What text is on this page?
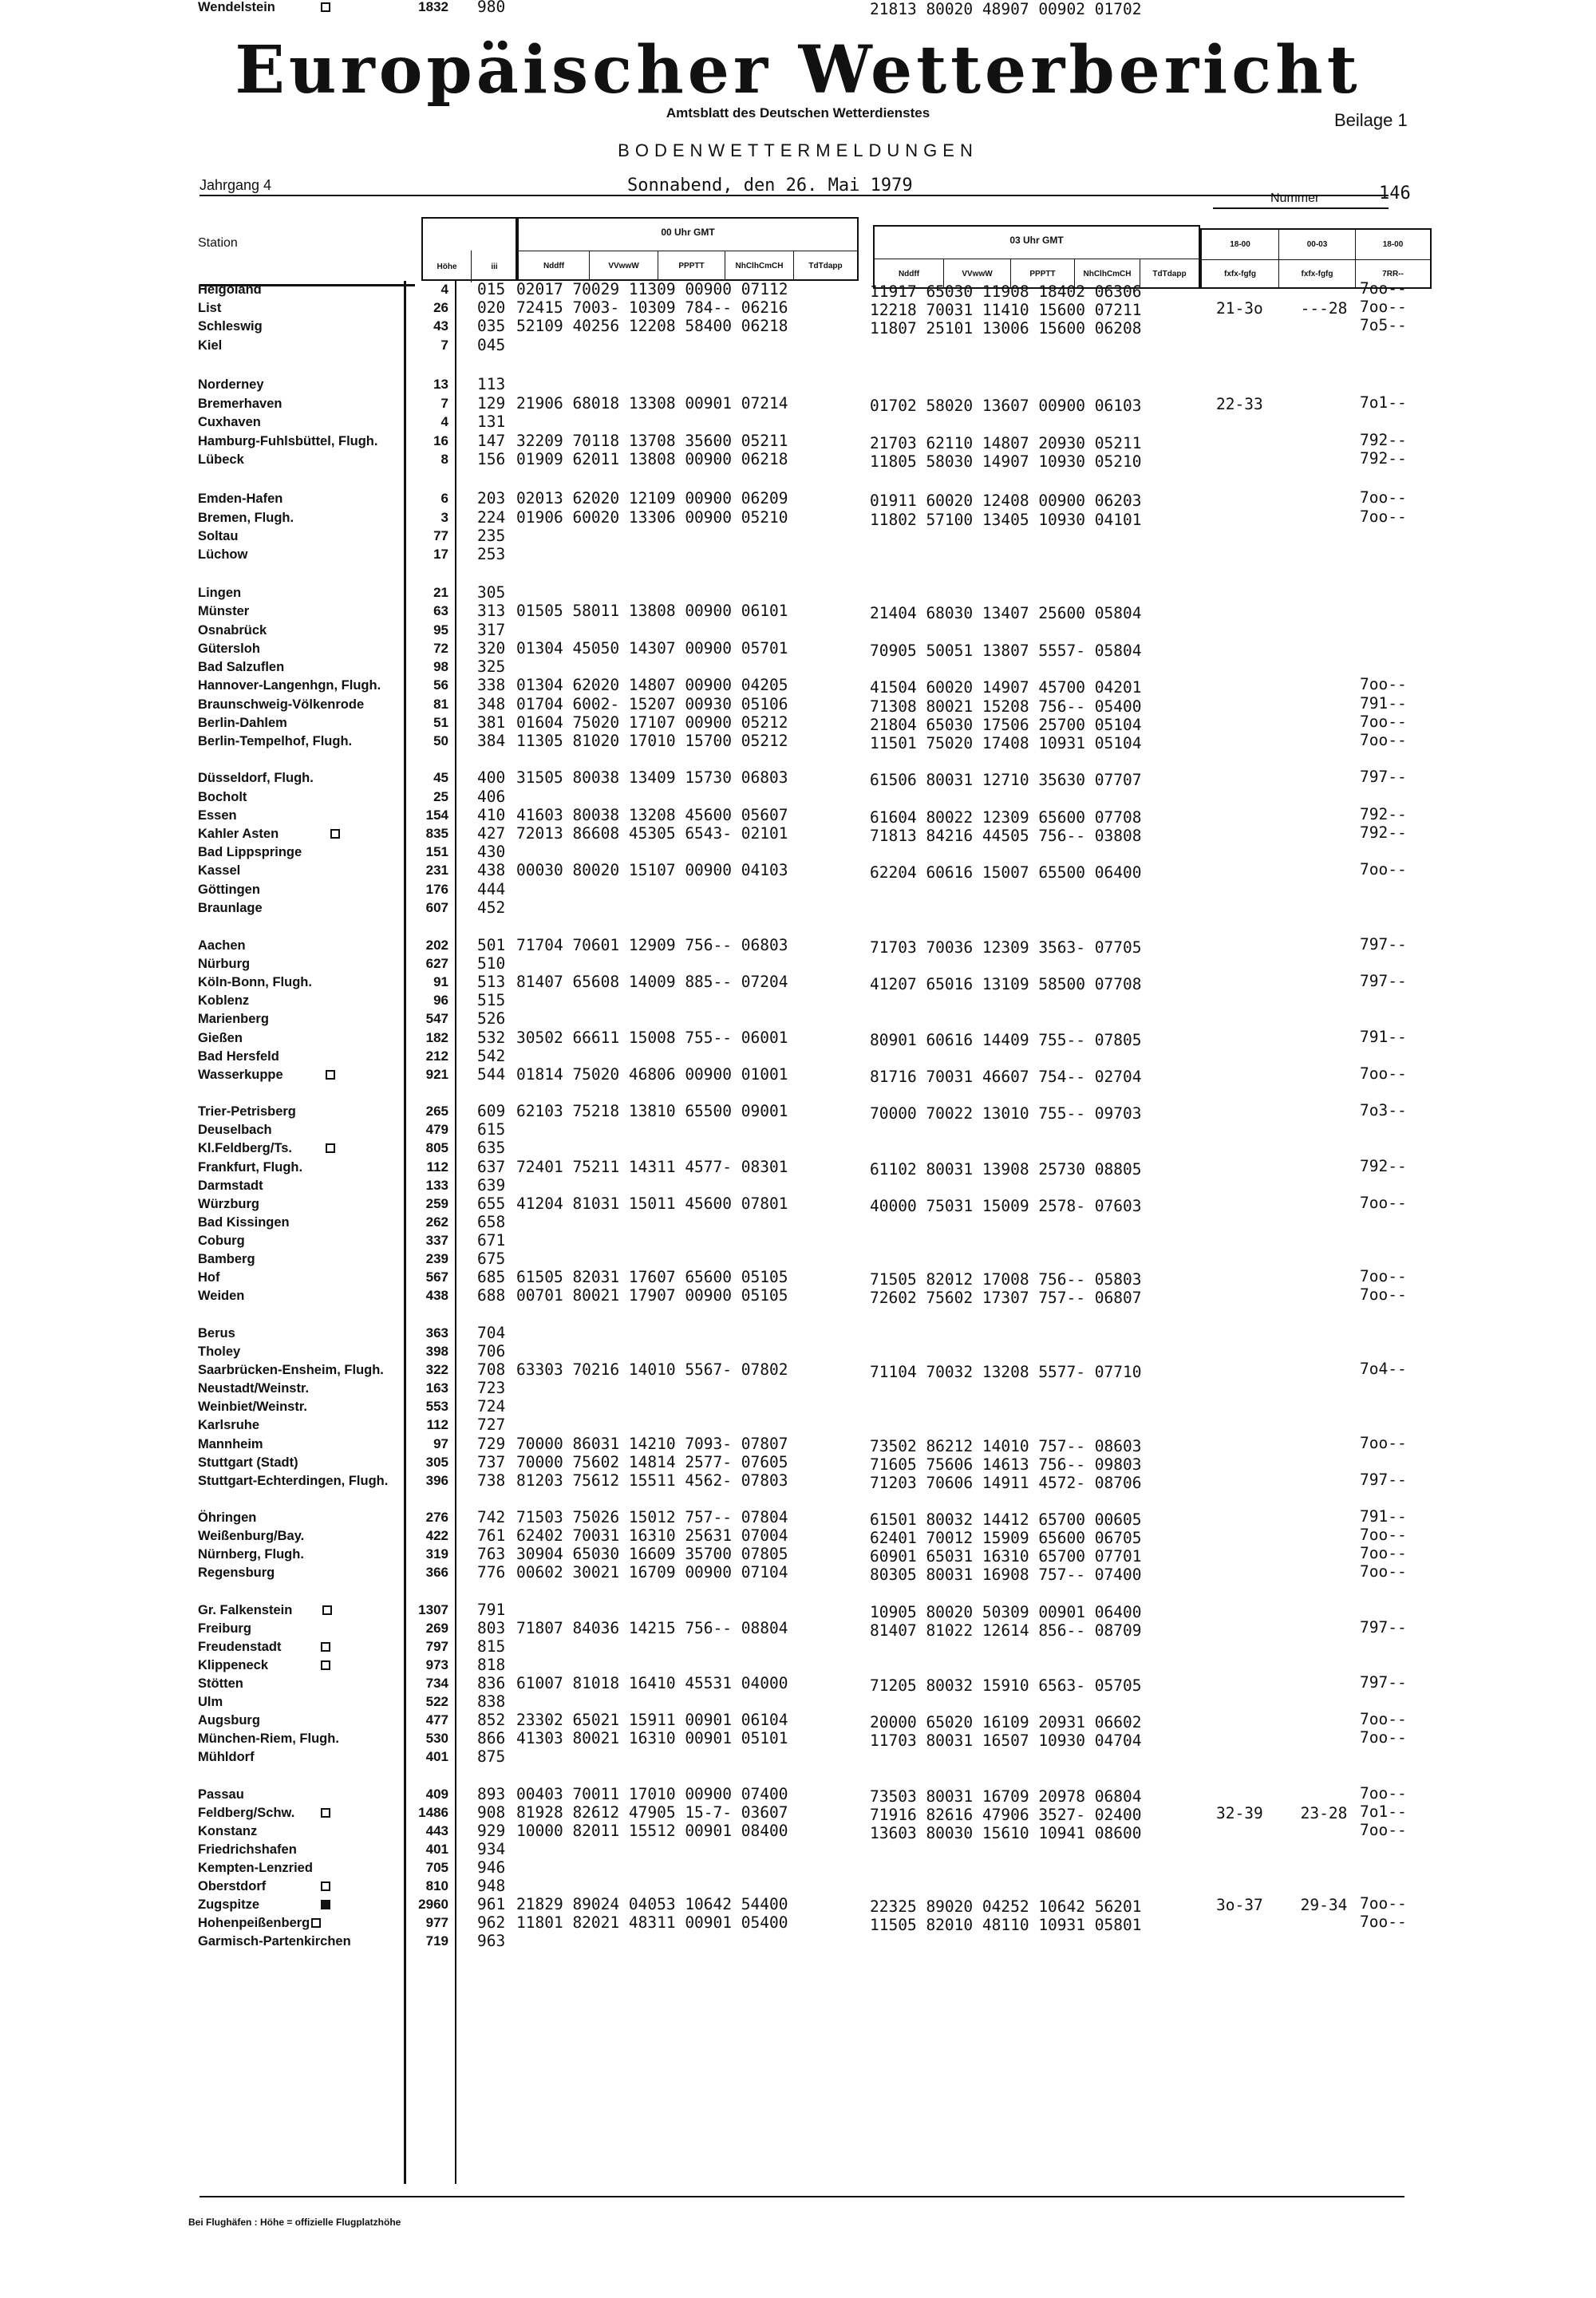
Europäischer Wetterbericht
Amtsblatt des Deutschen Wetterdienstes	Beilage 1
BODENWETTERMELDUNGEN
Jahrgang 4	Sonnabend, den 26. Mai 1979
Nummer	146
Station
Höhe	iii
00 Uhr GMT
Nddff	VVwwW	PPPTT	NhClhCmCH	TdTdapp
03 Uhr GMT
Nddff	VVwwW	PPPTT	NhClhCmCH	TdTdapp
18-00	00-03	18-00
fxfx-fgfg	fxfx-fgfg	7RR--
Helgoland	4 015 02017 70029 11309 00900 07112	11917 65030 11908 18402 06306	7oo--
List	26 020 72415 7003- 10309 784-- 06216	12218 70031 11410 15600 07211	21-3o    ---28 7oo--
Schleswig	43 035 52109 40256 12208 58400 06218	11807 25101 13006 15600 06208	7o5--
Kiel	7 045
Norderney	13 113
Bremerhaven	7 129 21906 68018 13308 00901 07214	01702 58020 13607 00900 06103	22-33	7o1--
Cuxhaven	4 131
Hamburg-Fuhlsbüttel, Flugh.	16 147 32209 70118 13708 35600 05211	21703 62110 14807 20930 05211	792--
Lübeck	8 156 01909 62011 13808 00900 06218	11805 58030 14907 10930 05210	792--
Emden-Hafen	6 203 02013 62020 12109 00900 06209	01911 60020 12408 00900 06203	7oo--
Bremen, Flugh.	3 224 01906 60020 13306 00900 05210	11802 57100 13405 10930 04101	7oo--
Soltau	77 235
Lüchow	17 253
Lingen	21 305
Münster	63 313 01505 58011 13808 00900 06101	21404 68030 13407 25600 05804
Osnabrück	95 317
Gütersloh	72 320 01304 45050 14307 00900 05701	70905 50051 13807 5557- 05804
Bad Salzuflen	98 325
Hannover-Langenhgn, Flugh.	56 338 01304 62020 14807 00900 04205	41504 60020 14907 45700 04201	7oo--
Braunschweig-Völkenrode	81 348 01704 6002- 15207 00930 05106	71308 80021 15208 756-- 05400	791--
Berlin-Dahlem	51 381 01604 75020 17107 00900 05212	21804 65030 17506 25700 05104	7oo--
Berlin-Tempelhof, Flugh.	50 384 11305 81020 17010 15700 05212	11501 75020 17408 10931 05104	7oo--
Düsseldorf, Flugh.	45 400 31505 80038 13409 15730 06803	61506 80031 12710 35630 07707	797--
Bocholt	25 406
Essen	154 410 41603 80038 13208 45600 05607	61604 80022 12309 65600 07708	792--
Kahler Asten	835 427 72013 86608 45305 6543- 02101	71813 84216 44505 756-- 03808	792--
Bad Lippspringe	151 430
Kassel	231 438 00030 80020 15107 00900 04103	62204 60616 15007 65500 06400	7oo--
Göttingen	176 444
Braunlage	607 452
Aachen	202 501 71704 70601 12909 756-- 06803	71703 70036 12309 3563- 07705	797--
Nürburg	627 510
Köln-Bonn, Flugh.	91 513 81407 65608 14009 885-- 07204	41207 65016 13109 58500 07708	797--
Koblenz	96 515
Marienberg	547 526
Gießen	182 532 30502 66611 15008 755-- 06001	80901 60616 14409 755-- 07805	791--
Bad Hersfeld	212 542
Wasserkuppe	921 544 01814 75020 46806 00900 01001	81716 70031 46607 754-- 02704	7oo--
Trier-Petrisberg	265 609 62103 75218 13810 65500 09001	70000 70022 13010 755-- 09703	7o3--
Deuselbach	479 615
Kl.Feldberg/Ts.	805 635
Frankfurt, Flugh.	112 637 72401 75211 14311 4577- 08301	61102 80031 13908 25730 08805	792--
Darmstadt	133 639
Würzburg	259 655 41204 81031 15011 45600 07801	40000 75031 15009 2578- 07603	7oo--
Bad Kissingen	262 658
Coburg	337 671
Bamberg	239 675
Hof	567 685 61505 82031 17607 65600 05105	71505 82012 17008 756-- 05803	7oo--
Weiden	438 688 00701 80021 17907 00900 05105	72602 75602 17307 757-- 06807	7oo--
Berus	363 704
Tholey	398 706
Saarbrücken-Ensheim, Flugh.	322 708 63303 70216 14010 5567- 07802	71104 70032 13208 5577- 07710	7o4--
Neustadt/Weinstr.	163 723
Weinbiet/Weinstr.	553 724
Karlsruhe	112 727
Mannheim	97 729 70000 86031 14210 7093- 07807	73502 86212 14010 757-- 08603	7oo--
Stuttgart (Stadt)	305 737 70000 75602 14814 2577- 07605	71605 75606 14613 756-- 09803
Stuttgart-Echterdingen, Flugh.	396 738 81203 75612 15511 4562- 07803	71203 70606 14911 4572- 08706	797--
Öhringen	276 742 71503 75026 15012 757-- 07804	61501 80032 14412 65700 00605	791--
Weißenburg/Bay.	422 761 62402 70031 16310 25631 07004	62401 70012 15909 65600 06705	7oo--
Nürnberg, Flugh.	319 763 30904 65030 16609 35700 07805	60901 65031 16310 65700 07701	7oo--
Regensburg	366 776 00602 30021 16709 00900 07104	80305 80031 16908 757-- 07400	7oo--
Gr. Falkenstein	1307 791	10905 80020 50309 00901 06400
Freiburg	269 803 71807 84036 14215 756-- 08804	81407 81022 12614 856-- 08709	797--
Freudenstadt	797 815
Klippeneck	973 818
Stötten	734 836 61007 81018 16410 45531 04000	71205 80032 15910 6563- 05705	797--
Ulm	522 838
Augsburg	477 852 23302 65021 15911 00901 06104	20000 65020 16109 20931 06602	7oo--
München-Riem, Flugh.	530 866 41303 80021 16310 00901 05101	11703 80031 16507 10930 04704	7oo--
Mühldorf	401 875
Passau	409 893 00403 70011 17010 00900 07400	73503 80031 16709 20978 06804	7oo--
Feldberg/Schw.	1486 908 81928 82612 47905 15-7- 03607	71916 82616 47906 3527- 02400	32-39    23-28 7o1--
Konstanz	443 929 10000 82011 15512 00901 08400	13603 80030 15610 10941 08600	7oo--
Friedrichshafen	401 934
Kempten-Lenzried	705 946
Oberstdorf	810 948
Zugspitze	2960 961 21829 89024 04053 10642 54400	22325 89020 04252 10642 56201	3o-37    29-34 7oo--
Hohenpeißenberg	977 962 11801 82021 48311 00901 05400	11505 82010 48110 10931 05801	7oo--
Garmisch-Partenkirchen	719 963
Wendelstein	1832 980	21813 80020 48907 00902 01702
Bei Flughäfen : Höhe = offizielle Flugplatzhöhe
